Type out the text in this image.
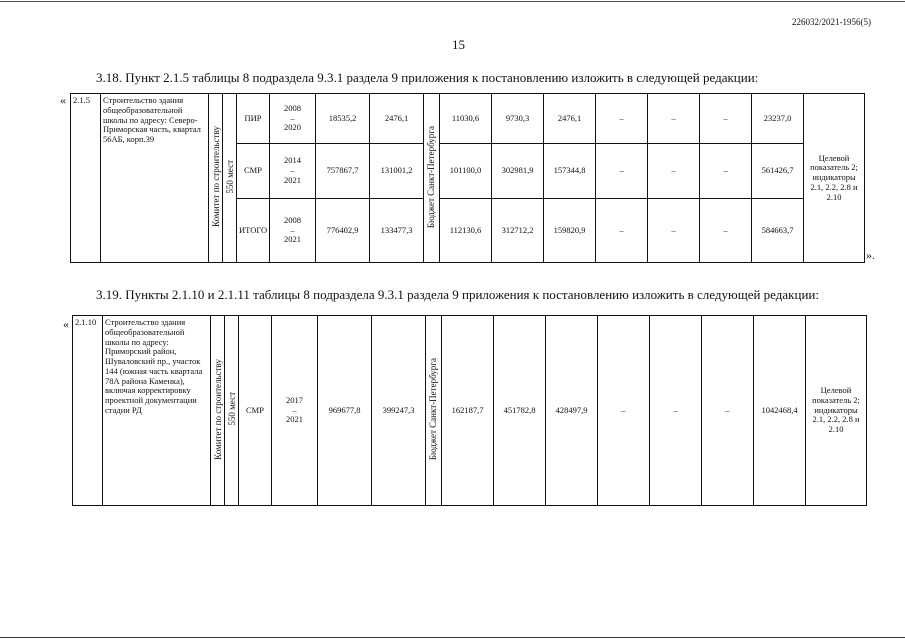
226032/2021-1956(5)
15
3.18. Пункт 2.1.5 таблицы 8 подраздела 9.3.1 раздела 9 приложения к постановлению изложить в следующей редакции:
«
».
2.1.5	Строительство здания общеобразовательной школы по адресу: Северо-Приморская часть, квартал 56АБ, корп.39	Комитет по строительству	550 мест	ПИР	2008
–
2020	18535,2	2476,1	Бюджет Санкт-Петербурга	11030,6	9730,3	2476,1	–	–	–	23237,0	Целевой показатель 2; индикаторы 2.1, 2.2, 2.8 и 2.10
				СМР	2014
–
2021	757867,7	131001,2		101100,0	302981,9	157344,8	–	–	–	561426,7	
				ИТОГО	2008
–
2021	776402,9	133477,3		112130,6	312712,2	159820,9	–	–	–	584663,7	
3.19. Пункты 2.1.10 и 2.1.11 таблицы 8 подраздела 9.3.1 раздела 9 приложения к постановлению изложить в следующей редакции:
« 2.1.10	Строительство здания общеобразовательной школы по адресу: Приморский район, Шуваловский пр., участок 144 (южная часть квартала 78А района Каменка), включая корректировку проектной документации стадии РД	Комитет по строительству	550 мест	СМР	
2017
–
2021
	969677,8	399247,3	Бюджет Санкт-Петербурга	162187,7	451782,8	428497,9	–	–	–	1042468,4	Целевой показатель 2; индикаторы 2.1, 2.2, 2.8 и 2.10
